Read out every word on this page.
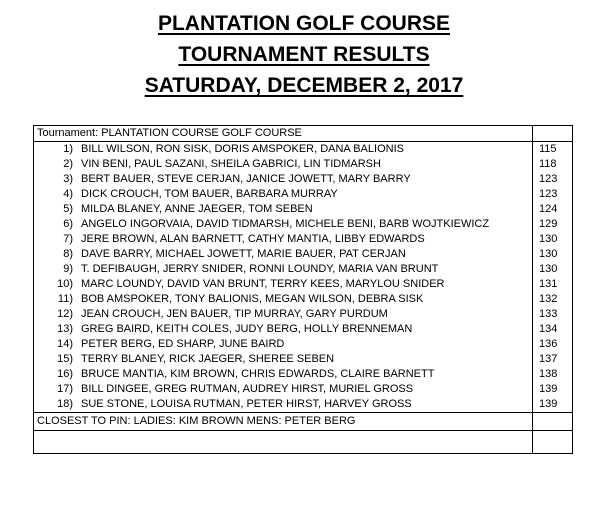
PLANTATION GOLF COURSE
TOURNAMENT RESULTS
SATURDAY, DECEMBER 2, 2017
Tournament: PLANTATION COURSE GOLF COURSE	
1) BILL WILSON, RON SISK, DORIS AMSPOKER, DANA BALIONIS	115
2) VIN BENI, PAUL SAZANI, SHEILA GABRICI, LIN TIDMARSH	118
3) BERT BAUER, STEVE CERJAN, JANICE JOWETT, MARY BARRY	123
4) DICK CROUCH, TOM BAUER, BARBARA MURRAY	123
5) MILDA BLANEY, ANNE JAEGER, TOM SEBEN	124
6) ANGELO INGORVAIA, DAVID TIDMARSH, MICHELE BENI, BARB WOJTKIEWICZ	129
7) JERE BROWN, ALAN BARNETT, CATHY MANTIA, LIBBY EDWARDS	130
8) DAVE BARRY, MICHAEL JOWETT, MARIE BAUER, PAT CERJAN	130
9) T. DEFIBAUGH, JERRY SNIDER, RONNI LOUNDY, MARIA VAN BRUNT	130
10) MARC LOUNDY, DAVID VAN BRUNT, TERRY KEES, MARYLOU SNIDER	131
11) BOB AMSPOKER, TONY BALIONIS, MEGAN WILSON, DEBRA SISK	132
12) JEAN CROUCH, JEN BAUER, TIP MURRAY, GARY PURDUM	133
13) GREG BAIRD, KEITH COLES, JUDY BERG, HOLLY BRENNEMAN	134
14) PETER BERG, ED SHARP, JUNE BAIRD	136
15) TERRY BLANEY, RICK JAEGER, SHEREE SEBEN	137
16) BRUCE MANTIA, KIM BROWN, CHRIS EDWARDS, CLAIRE BARNETT	138
17) BILL DINGEE, GREG RUTMAN, AUDREY HIRST, MURIEL GROSS	139
18) SUE STONE, LOUISA RUTMAN, PETER HIRST, HARVEY GROSS	139
CLOSEST TO PIN: LADIES: KIM BROWN MENS: PETER BERG	
